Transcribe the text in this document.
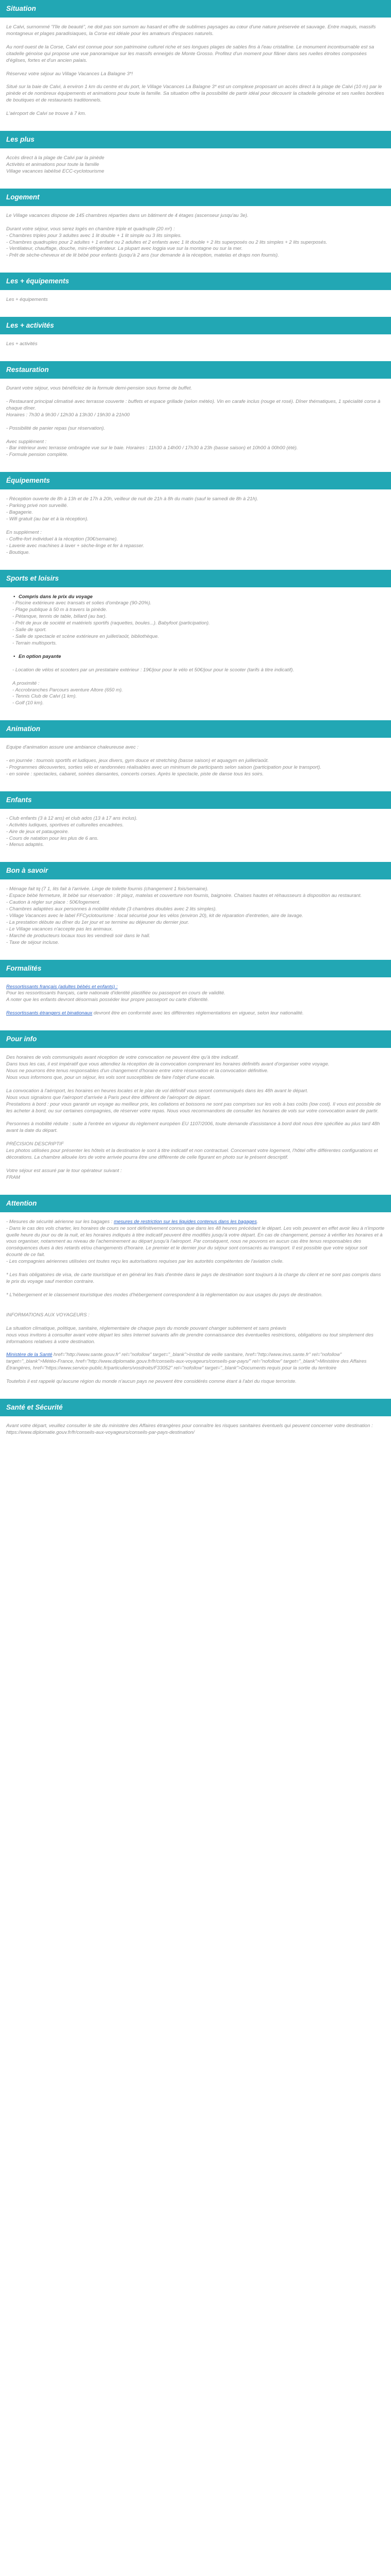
Situation

Le Calvi, surnommé "l'île de beauté", ne doit pas son surnom au hasard et offre de sublimes paysages au cœur d'une nature préservée et sauvage. Entre maquis, massifs montagneux et plages paradisiaques, la Corse est idéale pour les amateurs d'espaces naturels.

Au nord ouest de la Corse, Calvi est connue pour son patrimoine culturel riche et ses longues plages de sables fins à l'eau cristalline. Le monument incontournable est sa citadelle génoise qui propose une vue panoramique sur les massifs enneigés de Monte Grosso. Profitez d'un moment pour flâner dans ses ruelles étroites composées d'églises, fortes et d'un ancien palais.

Réservez votre séjour au Village Vacances La Balagne 3*!

Situé sur la baie de Calvi, à environ 1 km du centre et du port, le Village Vacances La Balagne 3* est un complexe proposant un accès direct à la plage de Calvi (10 m) par le pinède et de nombreux équipements et animations pour toute la famille. Sa situation offre la possibilité de partir idéal pour découvrir la citadelle génoise et ses ruelles bordées de boutiques et de restaurants traditionnels.

L'aéroport de Calvi se trouve à 7 km.

Les plus

Accès direct à la plage de Calvi par la pinède

Activités et animations pour toute la famille

Village vacances labélisé ECC-cyclotourisme

Logement

Le Village vacances dispose de 145 chambres réparties dans un bâtiment de 4 étages (ascenseur jusqu'au 3e).

Durant votre séjour, vous serez logés en chambre triple et quadruple (20 m²) :

- Chambres triples pour 3 adultes avec 1 lit double + 1 lit simple ou 3 lits simples.

- Chambres quadruples pour 2 adultes + 1 enfant ou 2 adultes et 2 enfants avec 1 lit double + 2 lits superposés ou 2 lits simples + 2 lits superposés.

- Ventilateur, chauffage, douche, mini-réfrigérateur. La plupart avec loggia vue sur la montagne ou sur la mer.

- Prêt de sèche-cheveux et de lit bébé pour enfants (jusqu'à 2 ans (sur demande à la réception, matelas et draps non fournis).

Les + équipements

Les + équipements

Les + activités

Les + activités

Restauration

Durant votre séjour, vous bénéficiez de la formule demi-pension sous forme de buffet.

- Restaurant principal climatisé avec terrasse couverte : buffets et espace grillade (selon météo). Vin en carafe inclus (rouge et rosé). Dîner thématiques, 1 spécialité corse à chaque dîner.

Horaires : 7h30 à 9h30 / 12h30 à 13h30 / 19h30 à 21h00

- Possibilité de panier repas (sur réservation).

Avec supplément :

- Bar intérieur avec terrasse ombragée vue sur le baie. Horaires : 11h30 à 14h00 / 17h30 à 23h (basse saison) et 10h00 à 00h00 (été).

- Formule pension complète.

Équipements

- Réception ouverte de 8h à 13h et de 17h à 20h, veilleur de nuit de 21h à 8h du matin (sauf le samedi de 8h à 21h).

- Parking privé non surveillé.

- Bagagerie.

- Wifi gratuit (au bar et à la réception).

En supplément :

- Coffre-fort individuel à la réception (30€/semaine).

- Laverie avec machines à laver + sèche-linge et fer à repasser.

- Boutique.

Sports et loisirs
• Compris dans le prix du voyage

- Piscine extérieure avec transats et solies d'ombrage (90-20%).

- Plage publique à 50 m à travers la pinède.

- Pétanque, tennis de table, billard (au bar).

- Prêt de jeux de société et matériels sportifs (raquettes, boules...). Babyfoot (participation).

- Salle de sport.

- Salle de spectacle et scène extérieure en juillet/août, bibliothèque.

- Terrain multisports.

• En option payante

- Location de vélos et scooters par un prestataire extérieur : 19€/jour pour le vélo et 50€/jour pour le scooter (tarifs à titre indicatif).

A proximité :

- Accrobranches Parcours aventure Altore (650 m).

- Tennis Club de Calvi (1 km).

- Golf (10 km).

Animation

Equipe d'animation assure une ambiance chaleureuse avec :

- en journée : tournois sportifs et ludiques, jeux divers, gym douce et stretching (basse saison) et aquagym en juillet/août.

- Programmes découvertes, sorties vélo et randonnées réalisables avec un minimum de participants selon saison (participation pour le transport).

- en soirée : spectacles, cabaret, soirées dansantes, concerts corses. Après le spectacle, piste de danse tous les soirs.

Enfants

- Club enfants (3 à 12 ans) et club ados (13 à 17 ans inclus).

- Activités ludiques, sportives et culturelles encadrées.

- Aire de jeux et pataugeoire.

- Cours de natation pour les plus de 6 ans.

- Menus adaptés.

Bon à savoir

- Ménage fait tq (7 1, lits fait à l'arrivée. Linge de toilette fournis (changement 1 fois/semaine).

- Espace bébé fermeture, lit bébé sur réservation : lit playz, matelas et couverture non fournis, baignoire. Chaises hautes et réhausseurs à disposition au restaurant.

- Caution à régler sur place : 50€/logement.

- Chambres adaptées aux personnes à mobilité réduite (3 chambres doubles avec 2 lits simples).

- Village Vacances avec le label FFCyclotourisme : local sécurisé pour les vélos (environ 20), kit de réparation d'entretien, aire de lavage.

- La prestation débute au dîner du 1er jour et se termine au déjeuner du dernier jour.

- Le Village vacances n'accepte pas les animaux.

- Marché de producteurs locaux tous les vendredi soir dans le hall.

- Taxe de séjour incluse.

Formalités

Ressortissants français (adultes bébés et enfants) :

Pour les ressortissants français, carte nationale d'identité plastifiée ou passeport en cours de validité.

A noter que les enfants devront désormais posséder leur propre passeport ou carte d'identité.

Ressortissants étrangers et binationaux devront être en conformité avec les différentes réglementations en vigueur, selon leur nationalité.

Pour info

Des horaires de vols communiqués avant réception de votre convocation ne peuvent être qu'à titre indicatif.

Dans tous les cas, il est impératif que vous attendiez la réception de la convocation comprenant les horaires définitifs avant d'organiser votre voyage.

Nous ne pourrons être tenus responsables d'un changement d'horaire entre votre réservation et la convocation définitive.

Nous vous informons que, pour un séjour, les vols sont susceptibles de faire l'objet d'une escale.

La convocation à l'aéroport, les horaires en heures locales et le plan de vol définitif vous seront communiqués dans les 48h avant le départ.

Nous vous signalons que l'aéroport d'arrivée à Paris peut être différent de l'aéroport de départ.

Prestations à bord : pour vous garantir un voyage au meilleur prix, les collations et boissons ne sont pas comprises sur les vols à bas coûts (low cost). Il vous est possible de les acheter à bord, ou sur certaines compagnies, de réserver votre repas. Nous vous recommandons de consulter les horaires de vols sur votre convocation avant de partir.

Personnes à mobilité réduite : suite à l'entrée en vigueur du règlement européen EU 1107/2006, toute demande d'assistance à bord doit nous être spécifiée au plus tard 48h avant la date du départ.

PRÉCISION DESCRIPTIF

Les photos utilisées pour présenter les hôtels et la destination le sont à titre indicatif et non contractuel. Concernant votre logement, l'hôtel offre différentes configurations et décorations. La chambre allouée lors de votre arrivée pourra être une différente de celle figurant en photo sur le présent descriptif.

Votre séjour est assuré par le tour opérateur suivant :

FRAM

Attention

- Mesures de sécurité aérienne sur les bagages : mesures de restriction sur les liquides contenus dans les bagages.

- Dans le cas des vols charter, les horaires de cours ne sont définitivement connus que dans les 48 heures précédant le départ. Les vols peuvent en effet avoir lieu à n'importe quelle heure du jour ou de la nuit, et les horaires indiqués à titre indicatif peuvent être modifiés jusqu'à votre départ. En cas de changement, pensez à vérifier les horaires et à vous organiser, notamment au niveau de l'acheminement au départ jusqu'à l'aéroport. Par conséquent, nous ne pouvons en aucun cas être tenus responsables des conséquences dues à des retards et/ou changements d'horaire. Le premier et le dernier jour du séjour sont consacrés au transport. Il est possible que votre séjour soit écourté de ce fait.

- Les compagnies aériennes utilisées ont toutes reçu les autorisations requises par les autorités compétentes de l'aviation civile.

* Les frais obligatoires de visa, de carte touristique et en général les frais d'entrée dans le pays de destination sont toujours à la charge du client et ne sont pas compris dans le prix du voyage sauf mention contraire.

* L'hébergement et le classement touristique des modes d'hébergement correspondent à la réglementation ou aux usages du pays de destination.

INFORMATIONS AUX VOYAGEURS :

La situation climatique, politique, sanitaire, réglementaire de chaque pays du monde pouvant changer subitement et sans préavis

nous vous invitons à consulter avant votre départ les sites Internet suivants afin de prendre connaissance des éventuelles restrictions, obligations ou tout simplement des informations relatives à votre destination.

Ministère de la Santé href="http://www.sante.gouv.fr" rel="nofollow" target="_blank">Institut de veille sanitaire, href="http://www.invs.sante.fr" rel="nofollow" target="_blank">Météo-France, href="http://www.diplomatie.gouv.fr/fr/conseils-aux-voyageurs/conseils-par-pays/" rel="nofollow" target="_blank">Ministère des Affaires Étrangères, href="https://www.service-public.fr/particuliers/vosdroits/F33052" rel="nofollow" target="_blank">Documents requis pour la sortie du territoire

Toutefois il est rappelé qu'aucune région du monde n'aucun pays ne peuvent être considérés comme étant à l'abri du risque terroriste.

Santé et Sécurité

Avant votre départ, veuillez consulter le site du ministère des Affaires étrangères pour connaître les risques sanitaires éventuels qui peuvent concerner votre destination : https://www.diplomatie.gouv.fr/fr/conseils-aux-voyageurs/conseils-par-pays-destination/
